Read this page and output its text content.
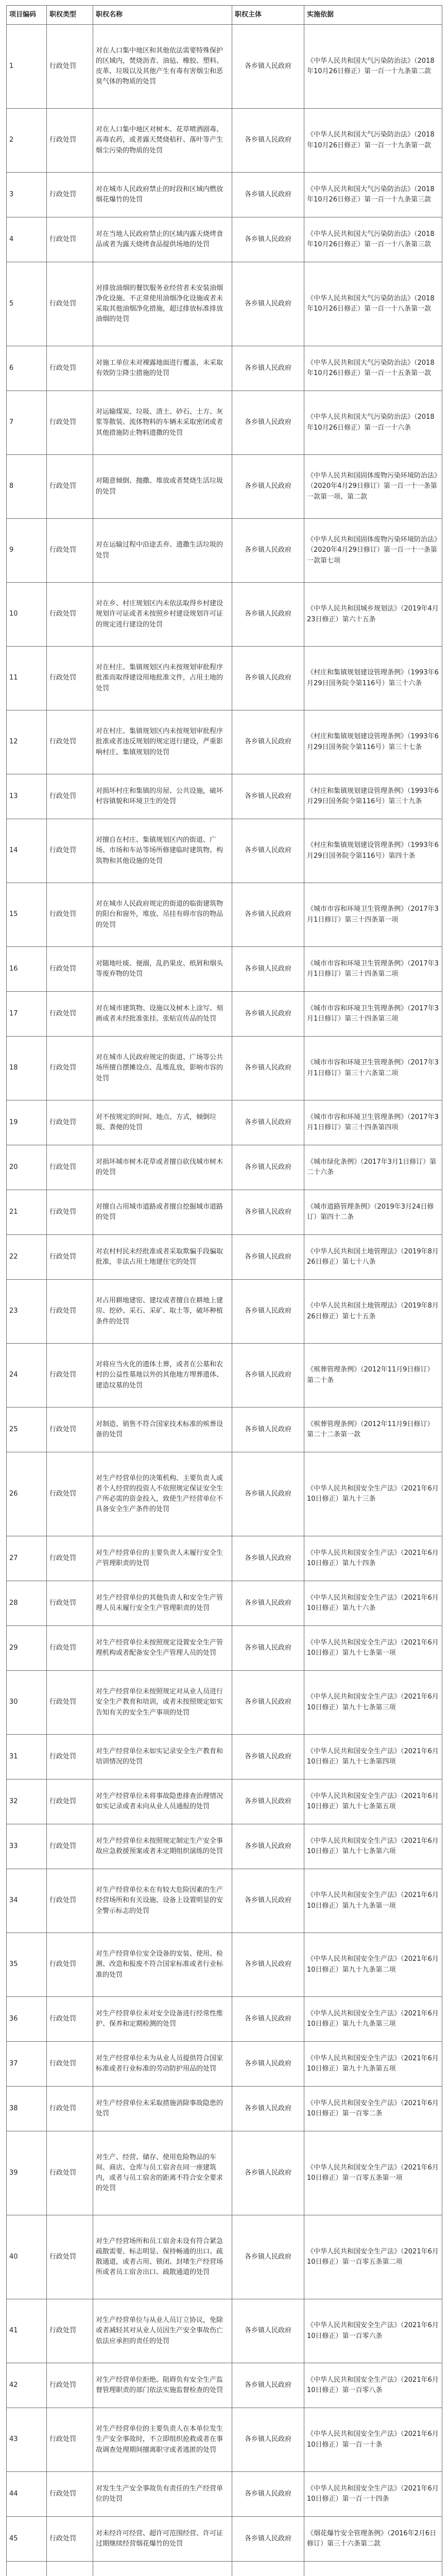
项目编码	职权类型	职权名称	职权主体	实施依据
1	行政处罚	对在人口集中地区和其他依法需要特殊保护的区域内，焚烧沥青、油毡、橡胶、塑料、皮革、垃圾以及其他产生有毒有害烟尘和恶臭气体的物质的处罚	各乡镇人民政府	《中华人民共和国大气污染防治法》（2018年10月26日修正）第一百一十九条第二款
2	行政处罚	对在人口集中地区对树木、花草喷洒剧毒、高毒农药，或者露天焚烧秸秆、落叶等产生烟尘污染的物质的处罚	各乡镇人民政府	《中华人民共和国大气污染防治法》（2018年10月26日修正）第一百一十九条第一款
3	行政处罚	对在城市人民政府禁止的时段和区域内燃放烟花爆竹的处罚	各乡镇人民政府	《中华人民共和国大气污染防治法》（2018年10月26日修正）第一百一十九条第三款
4	行政处罚	对在当地人民政府禁止的区域内露天烧烤食品或者为露天烧烤食品提供场地的处罚	各乡镇人民政府	《中华人民共和国大气污染防治法》（2018年10月26日修正）第一百一十八条第三款
5	行政处罚	对排放油烟的餐饮服务业经营者未安装油烟净化设施、不正常使用油烟净化设施或者未采取其他油烟净化措施，超过排放标准排放油烟的处罚	各乡镇人民政府	《中华人民共和国大气污染防治法》（2018年10月26日修正）第一百一十八条第一款
6	行政处罚	对施工单位未对裸露地面进行覆盖，未采取有效防尘降尘措施的处罚	各乡镇人民政府	《中华人民共和国大气污染防治法》（2018年10月26日修正）第一百一十五条第一款
7	行政处罚	对运输煤炭、垃圾、渣土、砂石、土方、灰浆等散装、流体物料的车辆未采取密闭或者其他措施防止物料遗撒的处罚	各乡镇人民政府	《中华人民共和国大气污染防治法》（2018年10月26日修正）第一百一十六条
8	行政处罚	对随意倾倒、抛撒、堆放或者焚烧生活垃圾的处罚	各乡镇人民政府	《中华人民共和国固体废物污染环境防治法》（2020年4月29日修订）第一百一十一条第一款第一项、第二款
9	行政处罚	对在运输过程中沿途丢弃、遗撒生活垃圾的处罚	各乡镇人民政府	《中华人民共和国固体废物污染环境防治法》（2020年4月29日修订）第一百一十一条第一款第七项
10	行政处罚	对在乡、村庄规划区内未依法取得乡村建设规划许可证或者未按照乡村建设规划许可证的规定进行建设的处罚	各乡镇人民政府	《中华人民共和国城乡规划法》（2019年4月23日修正）第六十五条
11	行政处罚	对在村庄、集镇规划区内未按规划审批程序批准而取得建设用地批准文件，占用土地的处罚	各乡镇人民政府	《村庄和集镇规划建设管理条例》（1993年6月29日国务院令第116号）第三十六条
12	行政处罚	对在村庄、集镇规划区内未按规划审批程序批准或者违反规划的规定进行建设，严重影响村庄、集镇规划的处罚	各乡镇人民政府	《村庄和集镇规划建设管理条例》（1993年6月29日国务院令第116号）第三十七条
13	行政处罚	对损坏村庄和集镇的房屋、公共设施，破坏村容镇貌和环境卫生的处罚	各乡镇人民政府	《村庄和集镇规划建设管理条例》（1993年6月29日国务院令第116号）第三十九条
14	行政处罚	对擅自在村庄、集镇规划区内的街道、广场、市场和车站等场所修建临时建筑物、构筑物和其他设施的处罚	各乡镇人民政府	《村庄和集镇规划建设管理条例》（1993年6月29日国务院令第116号）第四十条
15	行政处罚	对在城市人民政府规定的街道的临街建筑物的阳台和窗外，堆放、吊挂有碍市容的物品的处罚	各乡镇人民政府	《城市市容和环境卫生管理条例》（2017年3月1日修订）第三十四条第一项
16	行政处罚	对随地吐痰、便溺，乱扔果皮、纸屑和烟头等废弃物的处罚	各乡镇人民政府	《城市市容和环境卫生管理条例》（2017年3月1日修订）第三十四条第二项
17	行政处罚	对在城市建筑物、设施以及树木上涂写、刻画或者未经批准张挂、张贴宣传品的处罚	各乡镇人民政府	《城市市容和环境卫生管理条例》（2017年3月1日修订）第三十四条第三项
18	行政处罚	对在城市人民政府规定的街道、广场等公共场所擅自摆摊设点、乱堆乱放，影响市容的处罚	各乡镇人民政府	《城市市容和环境卫生管理条例》（2017年3月1日修订）第三十六条第二项
19	行政处罚	对不按规定的时间、地点、方式，倾倒垃圾、粪便的处罚	各乡镇人民政府	《城市市容和环境卫生管理条例》（2017年3月1日修订）第三十四条第四项
20	行政处罚	对损坏城市树木花草或者擅自砍伐城市树木的处罚	各乡镇人民政府	《城市绿化条例》（2017年3月1日修订）第二十六条
21	行政处罚	对擅自占用城市道路或者擅自挖掘城市道路的处罚	各乡镇人民政府	《城市道路管理条例》（2019年3月24日修订）第四十二条
22	行政处罚	对农村村民未经批准或者采取欺骗手段骗取批准，非法占用土地建住宅的处罚	各乡镇人民政府	《中华人民共和国土地管理法》（2019年8月26日修正）第七十八条
23	行政处罚	对占用耕地建窑、建坟或者擅自在耕地上建房、挖砂、采石、采矿、取土等，破坏种植条件的处罚	各乡镇人民政府	《中华人民共和国土地管理法》（2019年8月26日修正）第七十五条
24	行政处罚	对将应当火化的遗体土葬，或者在公墓和农村的公益性墓地以外的其他地方埋葬遗体、建造坟墓的处罚	各乡镇人民政府	《殡葬管理条例》（2012年11月9日修订）第二十条
25	行政处罚	对制造、销售不符合国家技术标准的殡葬设备的处罚	各乡镇人民政府	《殡葬管理条例》（2012年11月9日修订）第二十二条第一款
26	行政处罚	对生产经营单位的决策机构、主要负责人或者个人经营的投资人不依照规定保证安全生产所必需的资金投入，致使生产经营单位不具备安全生产条件的处罚	各乡镇人民政府	《中华人民共和国安全生产法》（2021年6月10日修正）第九十三条
27	行政处罚	对生产经营单位的主要负责人未履行安全生产管理职责的处罚	各乡镇人民政府	《中华人民共和国安全生产法》（2021年6月10日修正）第九十四条
28	行政处罚	对生产经营单位的其他负责人和安全生产管理人员未履行安全生产管理职责的处罚	各乡镇人民政府	《中华人民共和国安全生产法》（2021年6月10日修正）第九十六条
29	行政处罚	对生产经营单位未按照规定设置安全生产管理机构或者配备安全生产管理人员的处罚	各乡镇人民政府	《中华人民共和国安全生产法》（2021年6月10日修正）第九十七条第一项
30	行政处罚	对生产经营单位未按照规定对从业人员进行安全生产教育和培训，或者未按照规定如实告知有关的安全生产事项的处罚	各乡镇人民政府	《中华人民共和国安全生产法》（2021年6月10日修正）第九十七条第三项
31	行政处罚	对生产经营单位未如实记录安全生产教育和培训情况的处罚	各乡镇人民政府	《中华人民共和国安全生产法》（2021年6月10日修正）第九十七条第四项
32	行政处罚	对生产经营单位未将事故隐患排查治理情况如实记录或者未向从业人员通报的处罚	各乡镇人民政府	《中华人民共和国安全生产法》（2021年6月10日修正）第九十七条第五项
33	行政处罚	对生产经营单位未按照规定制定生产安全事故应急救援预案或者未定期组织演练的处罚	各乡镇人民政府	《中华人民共和国安全生产法》（2021年6月10日修正）第九十七条第六项
34	行政处罚	对生产经营单位未在有较大危险因素的生产经营场所和有关设施、设备上设置明显的安全警示标志的处罚	各乡镇人民政府	《中华人民共和国安全生产法》（2021年6月10日修正）第九十九条第一项
35	行政处罚	对生产经营单位安全设备的安装、使用、检测、改造和报废不符合国家标准或者行业标准的处罚	各乡镇人民政府	《中华人民共和国安全生产法》（2021年6月10日修正）第九十九条第二项
36	行政处罚	对生产经营单位未对安全设备进行经常性维护、保养和定期检测的处罚	各乡镇人民政府	《中华人民共和国安全生产法》（2021年6月10日修正）第九十九条第三项
37	行政处罚	对生产经营单位未为从业人员提供符合国家标准或者行业标准的劳动防护用品的处罚	各乡镇人民政府	《中华人民共和国安全生产法》（2021年6月10日修正）第九十九条第五项
38	行政处罚	对生产经营单位未采取措施消除事故隐患的处罚	各乡镇人民政府	《中华人民共和国安全生产法》（2021年6月10日修正）第一百零二条
39	行政处罚	对生产、经营、储存、使用危险物品的车间、商店、仓库与员工宿舍在同一座建筑内，或者与员工宿舍的距离不符合安全要求的处罚	各乡镇人民政府	《中华人民共和国安全生产法》（2021年6月10日修正）第一百零五条第一项
40	行政处罚	对生产经营场所和员工宿舍未设有符合紧急疏散需要、标志明显、保持畅通的出口、疏散通道，或者占用、锁闭、封堵生产经营场所或者员工宿舍出口、疏散通道的处罚	各乡镇人民政府	《中华人民共和国安全生产法》（2021年6月10日修正）第一百零五条第二项
41	行政处罚	对生产经营单位与从业人员订立协议，免除或者减轻其对从业人员因生产安全事故伤亡依法应承担的责任的处罚	各乡镇人民政府	《中华人民共和国安全生产法》（2021年6月10日修正）第一百零六条
42	行政处罚	对生产经营单位拒绝、阻碍负有安全生产监督管理职责的部门依法实施监督检查的处罚	各乡镇人民政府	《中华人民共和国安全生产法》（2021年6月10日修正）第一百零八条
43	行政处罚	对生产经营单位的主要负责人在本单位发生生产安全事故时，不立即组织抢救或者在事故调查处理期间擅离职守或者逃匿的处罚	各乡镇人民政府	《中华人民共和国安全生产法》（2021年6月10日修正）第一百一十条
44	行政处罚	对发生生产安全事故负有责任的生产经营单位的处罚	各乡镇人民政府	《中华人民共和国安全生产法》（2021年6月10日修正）第一百一十四条
45	行政处罚	对未经许可经营、超许可范围经营、许可证过期继续经营烟花爆竹的处罚	各乡镇人民政府	《烟花爆竹安全管理条例》（2016年2月6日修订）第三十六条第二款
